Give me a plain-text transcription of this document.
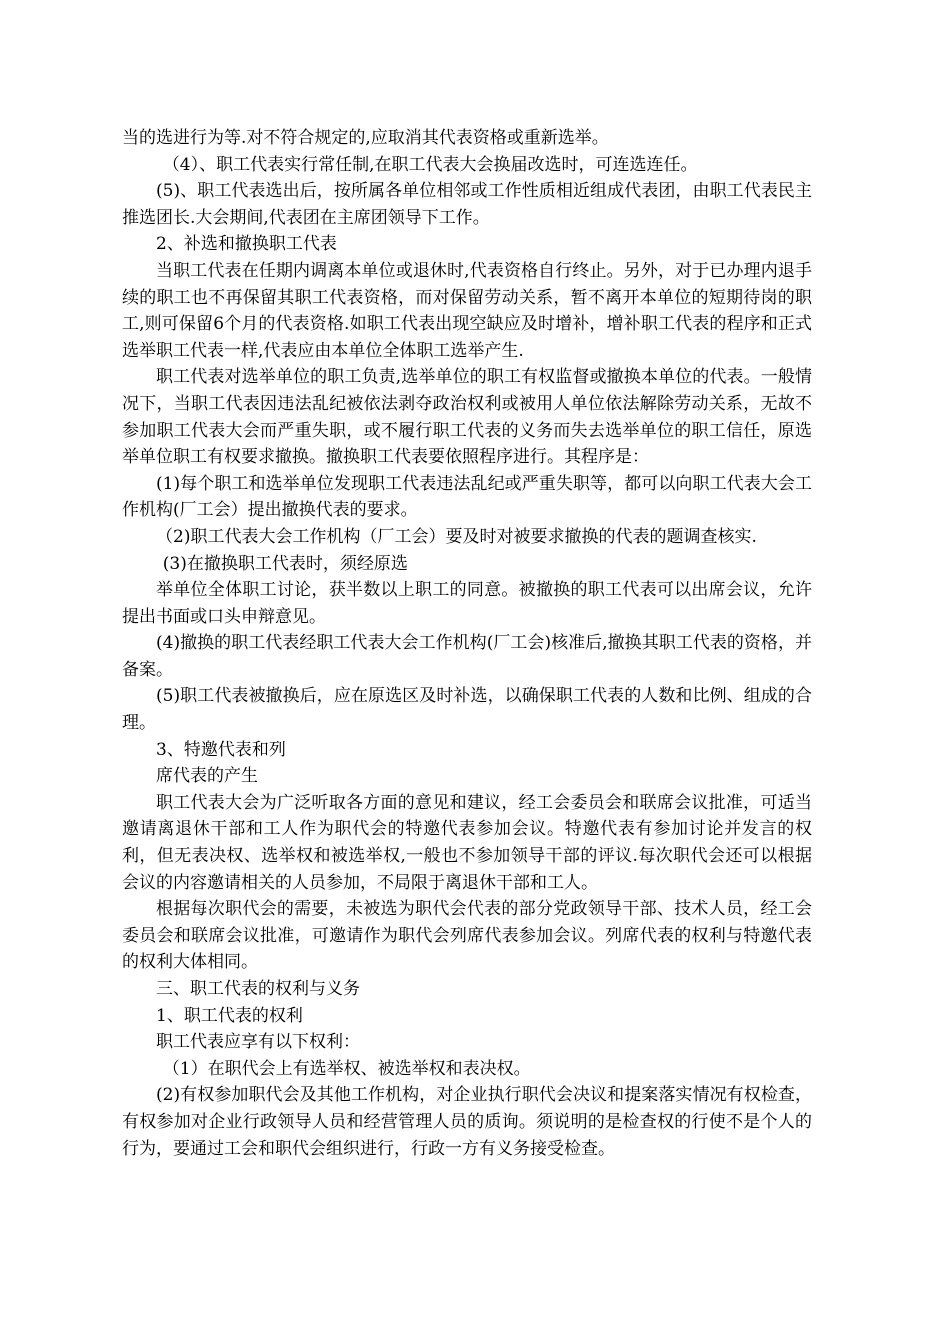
当的选进行为等.对不符合规定的,应取消其代表资格或重新选举。

（4）、职工代表实行常任制,在职工代表大会换届改选时，可连选连任。

(5)、职工代表选出后，按所属各单位相邻或工作性质相近组成代表团，由职工代表民主推选团长.大会期间,代表团在主席团领导下工作。

2、补选和撤换职工代表

当职工代表在任期内调离本单位或退休时,代表资格自行终止。另外，对于已办理内退手续的职工也不再保留其职工代表资格，而对保留劳动关系，暂不离开本单位的短期待岗的职工,则可保留6个月的代表资格.如职工代表出现空缺应及时增补，增补职工代表的程序和正式选举职工代表一样,代表应由本单位全体职工选举产生.

职工代表对选举单位的职工负责,选举单位的职工有权监督或撤换本单位的代表。一般情况下，当职工代表因违法乱纪被依法剥夺政治权利或被用人单位依法解除劳动关系，无故不参加职工代表大会而严重失职，或不履行职工代表的义务而失去选举单位的职工信任，原选举单位职工有权要求撤换。撤换职工代表要依照程序进行。其程序是：

(1)每个职工和选举单位发现职工代表违法乱纪或严重失职等，都可以向职工代表大会工作机构(厂工会）提出撤换代表的要求。

（2)职工代表大会工作机构（厂工会）要及时对被要求撤换的代表的题调查核实.

(3)在撤换职工代表时，须经原选

举单位全体职工讨论，获半数以上职工的同意。被撤换的职工代表可以出席会议，允许提出书面或口头申辩意见。

(4)撤换的职工代表经职工代表大会工作机构(厂工会)核准后,撤换其职工代表的资格，并备案。

(5)职工代表被撤换后，应在原选区及时补选，以确保职工代表的人数和比例、组成的合理。

3、特邀代表和列

席代表的产生

职工代表大会为广泛听取各方面的意见和建议，经工会委员会和联席会议批准，可适当邀请离退休干部和工人作为职代会的特邀代表参加会议。特邀代表有参加讨论并发言的权利，但无表决权、选举权和被选举权,一般也不参加领导干部的评议.每次职代会还可以根据会议的内容邀请相关的人员参加，不局限于离退休干部和工人。

根据每次职代会的需要，未被选为职代会代表的部分党政领导干部、技术人员，经工会委员会和联席会议批准，可邀请作为职代会列席代表参加会议。列席代表的权利与特邀代表的权利大体相同。

三、职工代表的权利与义务

1、职工代表的权利

职工代表应享有以下权利：

（1）在职代会上有选举权、被选举权和表决权。

(2)有权参加职代会及其他工作机构，对企业执行职代会决议和提案落实情况有权检查，有权参加对企业行政领导人员和经营管理人员的质询。须说明的是检查权的行使不是个人的行为，要通过工会和职代会组织进行，行政一方有义务接受检查。
